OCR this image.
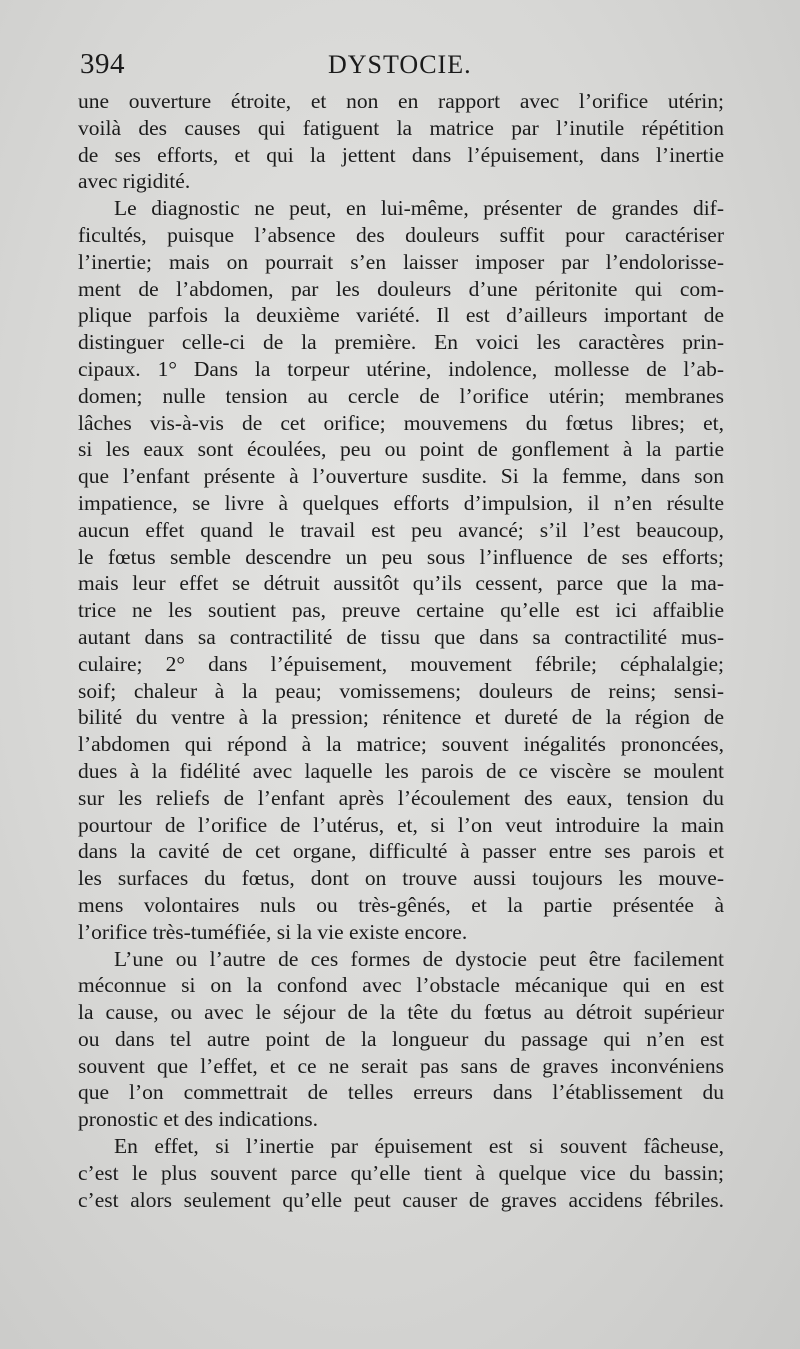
394	DYSTOCIE.
une ouverture étroite, et non en rapport avec l’orifice utérin;
voilà des causes qui fatiguent la matrice par l’inutile répétition
de ses efforts, et qui la jettent dans l’épuisement, dans l’inertie
avec rigidité.
Le diagnostic ne peut, en lui-même, présenter de grandes dif-
ficultés, puisque l’absence des douleurs suffit pour caractériser
l’inertie; mais on pourrait s’en laisser imposer par l’endolorisse-
ment de l’abdomen, par les douleurs d’une péritonite qui com-
plique parfois la deuxième variété. Il est d’ailleurs important de
distinguer celle-ci de la première. En voici les caractères prin-
cipaux. 1° Dans la torpeur utérine, indolence, mollesse de l’ab-
domen; nulle tension au cercle de l’orifice utérin; membranes
lâches vis-à-vis de cet orifice; mouvemens du fœtus libres; et,
si les eaux sont écoulées, peu ou point de gonflement à la partie
que l’enfant présente à l’ouverture susdite. Si la femme, dans son
impatience, se livre à quelques efforts d’impulsion, il n’en résulte
aucun effet quand le travail est peu avancé; s’il l’est beaucoup,
le fœtus semble descendre un peu sous l’influence de ses efforts;
mais leur effet se détruit aussitôt qu’ils cessent, parce que la ma-
trice ne les soutient pas, preuve certaine qu’elle est ici affaiblie
autant dans sa contractilité de tissu que dans sa contractilité mus-
culaire; 2° dans l’épuisement, mouvement fébrile; céphalalgie;
soif; chaleur à la peau; vomissemens; douleurs de reins; sensi-
bilité du ventre à la pression; rénitence et dureté de la région de
l’abdomen qui répond à la matrice; souvent inégalités prononcées,
dues à la fidélité avec laquelle les parois de ce viscère se moulent
sur les reliefs de l’enfant après l’écoulement des eaux, tension du
pourtour de l’orifice de l’utérus, et, si l’on veut introduire la main
dans la cavité de cet organe, difficulté à passer entre ses parois et
les surfaces du fœtus, dont on trouve aussi toujours les mouve-
mens volontaires nuls ou très-gênés, et la partie présentée à
l’orifice très-tuméfiée, si la vie existe encore.
L’une ou l’autre de ces formes de dystocie peut être facilement
méconnue si on la confond avec l’obstacle mécanique qui en est
la cause, ou avec le séjour de la tête du fœtus au détroit supérieur
ou dans tel autre point de la longueur du passage qui n’en est
souvent que l’effet, et ce ne serait pas sans de graves inconvéniens
que l’on commettrait de telles erreurs dans l’établissement du
pronostic et des indications.
En effet, si l’inertie par épuisement est si souvent fâcheuse,
c’est le plus souvent parce qu’elle tient à quelque vice du bassin;
c’est alors seulement qu’elle peut causer de graves accidens fébriles.
